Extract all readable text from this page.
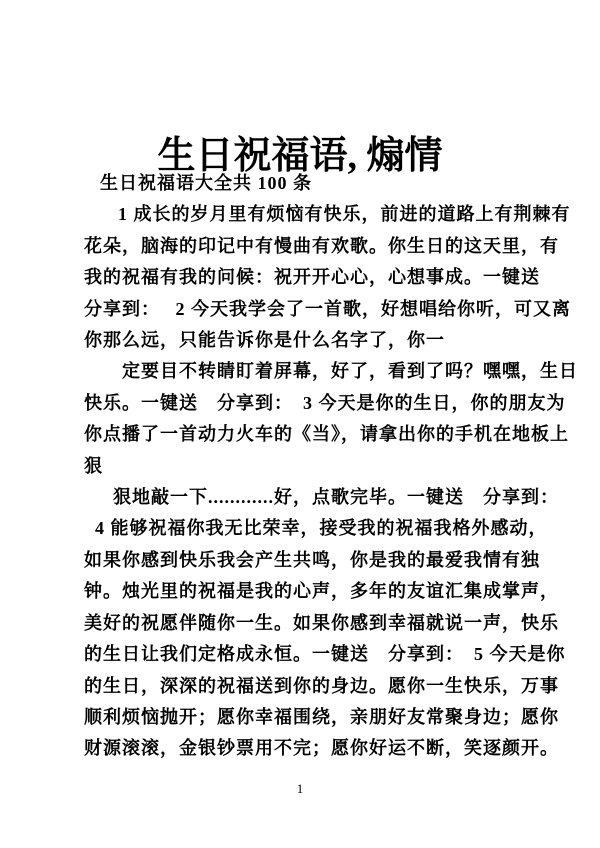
生日祝福语, 煽情
生日祝福语大全共 100 条
1 成长的岁月里有烦恼有快乐，前进的道路上有荆棘有
花朵，脑海的印记中有慢曲有欢歌。你生日的这天里，有
我的祝福有我的问候：祝开开心心，心想事成。一键送
分享到：　 2 今天我学会了一首歌，好想唱给你听，可又离
你那么远，只能告诉你是什么名字了，你一
定要目不转睛盯着屏幕，好了，看到了吗？嘿嘿，生日
快乐。一键送　分享到：　3 今天是你的生日，你的朋友为
你点播了一首动力火车的《当》，请拿出你的手机在地板上
狠
狠地敲一下............好，点歌完毕。一键送　分享到：
4 能够祝福你我无比荣幸，接受我的祝福我格外感动，
如果你感到快乐我会产生共鸣，你是我的最爱我情有独
钟。烛光里的祝福是我的心声，多年的友谊汇集成掌声，
美好的祝愿伴随你一生。如果你感到幸福就说一声，快乐
的生日让我们定格成永恒。一键送　分享到：　5 今天是你
的生日，深深的祝福送到你的身边。愿你一生快乐，万事
顺利烦恼抛开；愿你幸福围绕，亲朋好友常聚身边；愿你
财源滚滚，金银钞票用不完；愿你好运不断，笑逐颜开。
1
